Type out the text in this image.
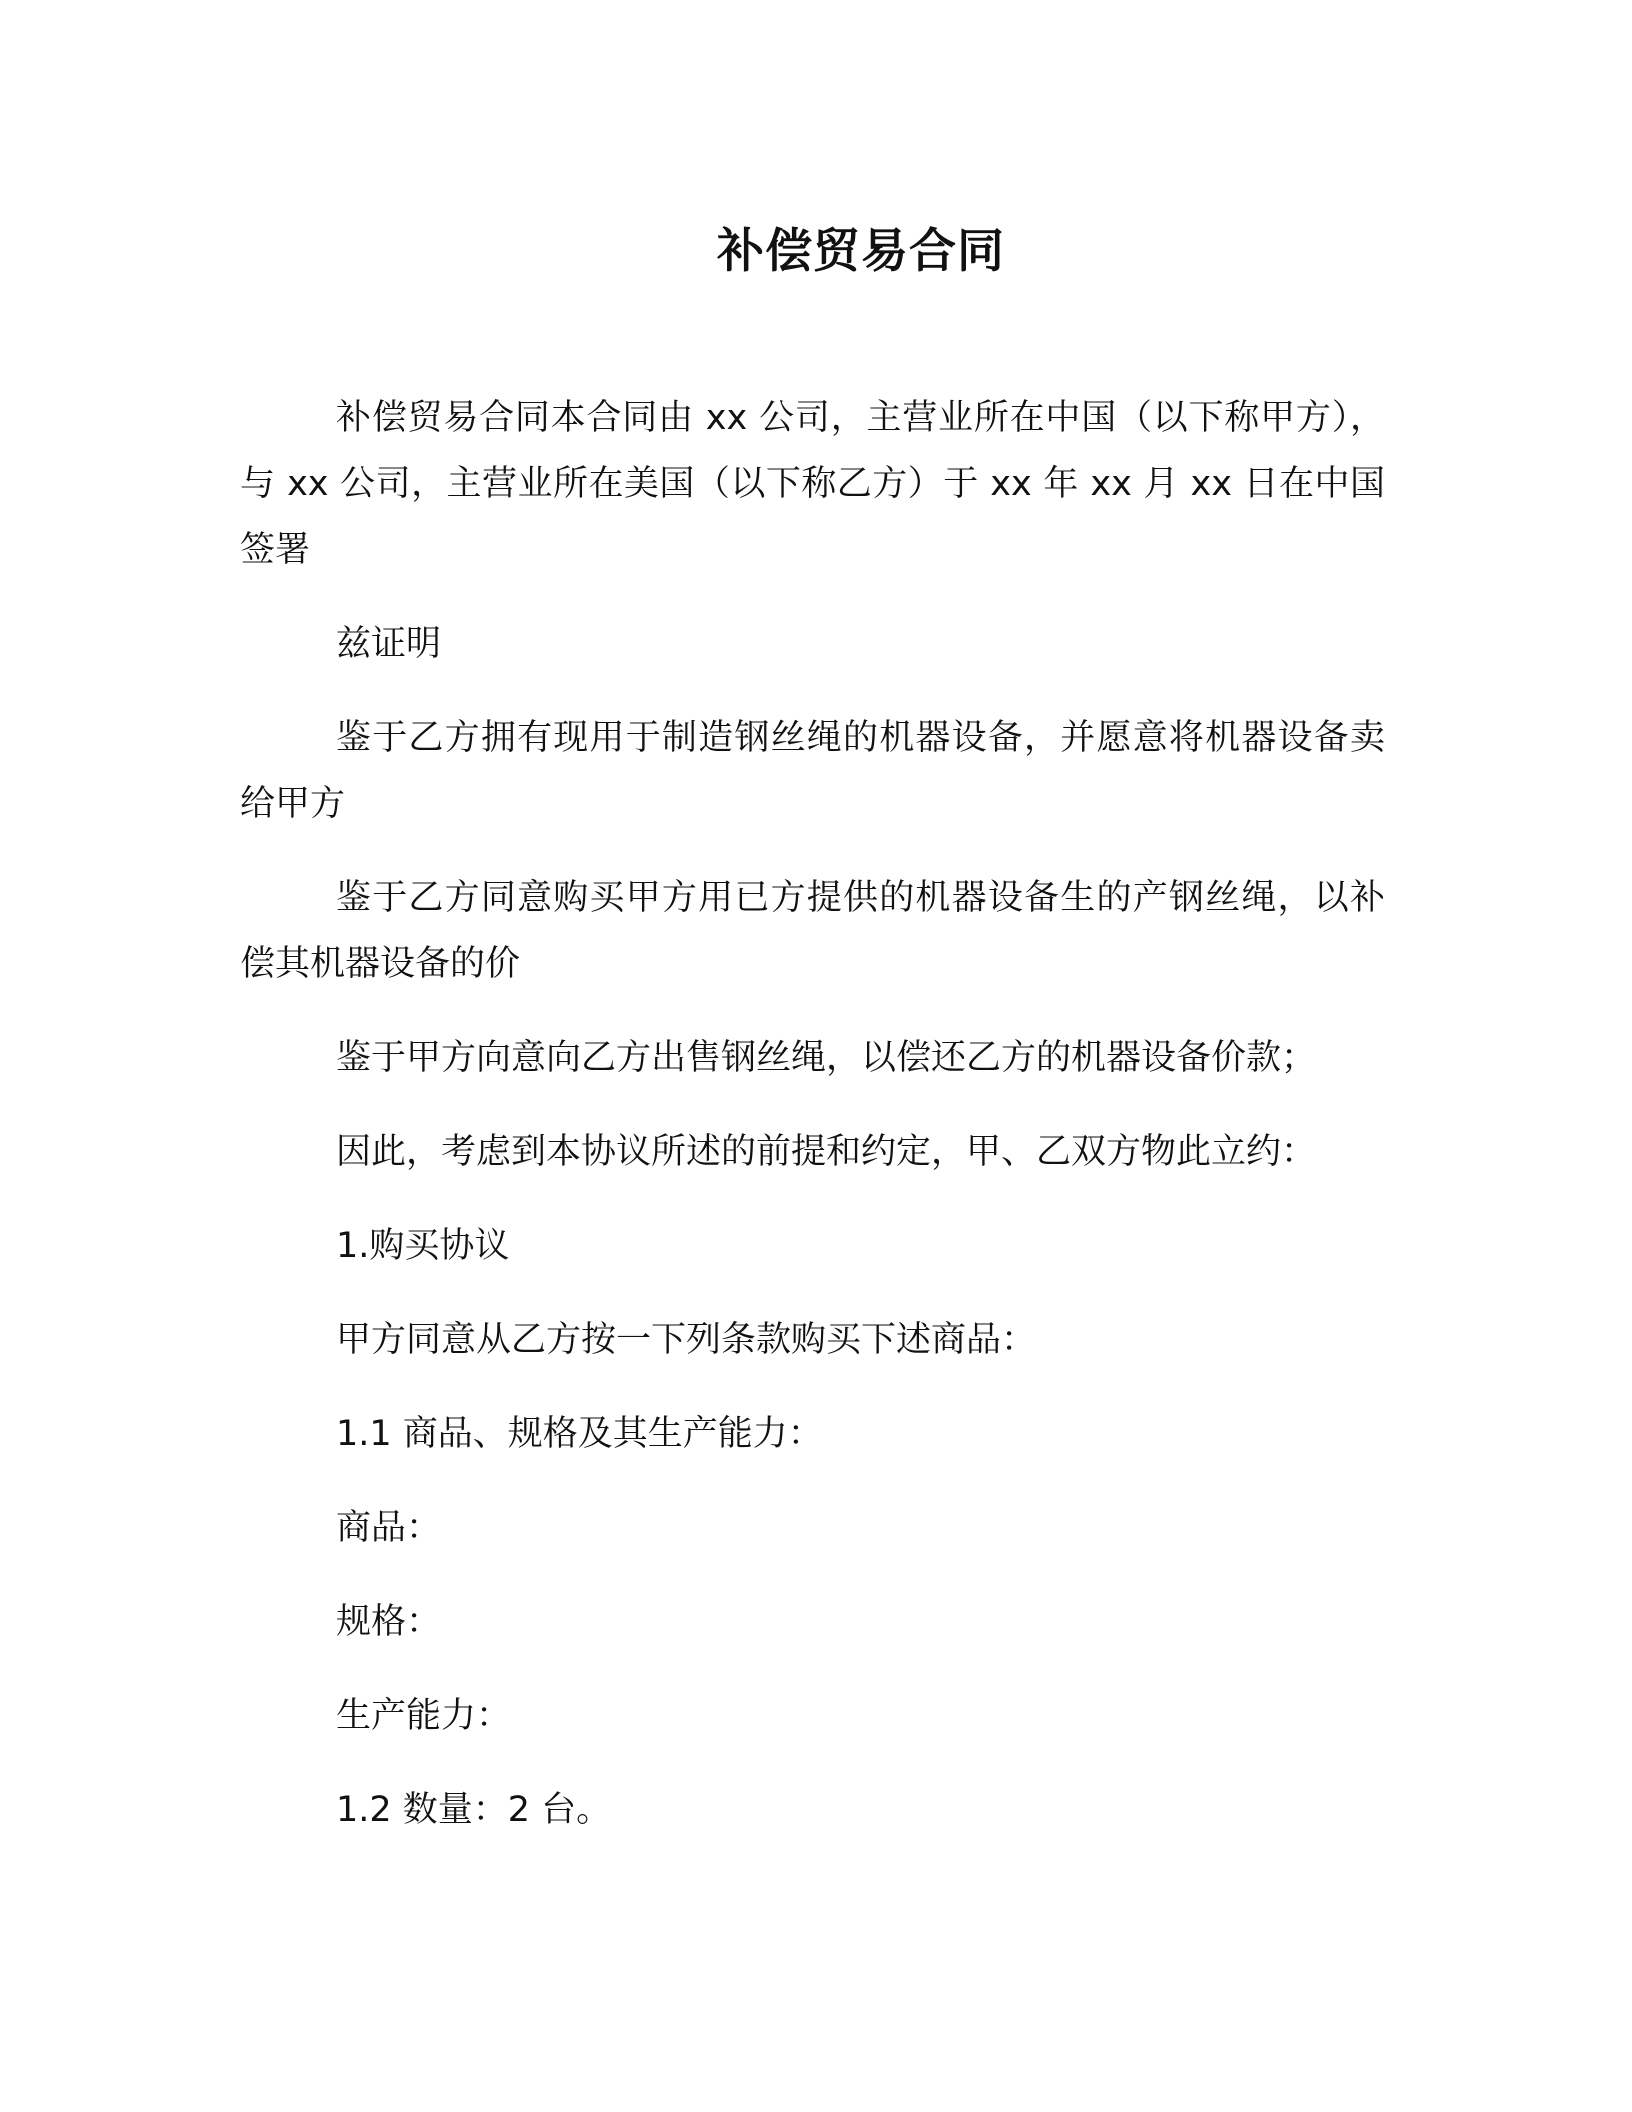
补偿贸易合同

补偿贸易合同本合同由 xx 公司，主营业所在中国（以下称甲方），与 xx 公司，主营业所在美国（以下称乙方）于 xx 年 xx 月 xx 日在中国签署

兹证明

鉴于乙方拥有现用于制造钢丝绳的机器设备，并愿意将机器设备卖给甲方

鉴于乙方同意购买甲方用已方提供的机器设备生的产钢丝绳，以补偿其机器设备的价

鉴于甲方向意向乙方出售钢丝绳，以偿还乙方的机器设备价款；

因此，考虑到本协议所述的前提和约定，甲、乙双方物此立约：

1.购买协议

甲方同意从乙方按一下列条款购买下述商品：

1.1 商品、规格及其生产能力：

商品：

规格：

生产能力：

1.2 数量：2 台。
